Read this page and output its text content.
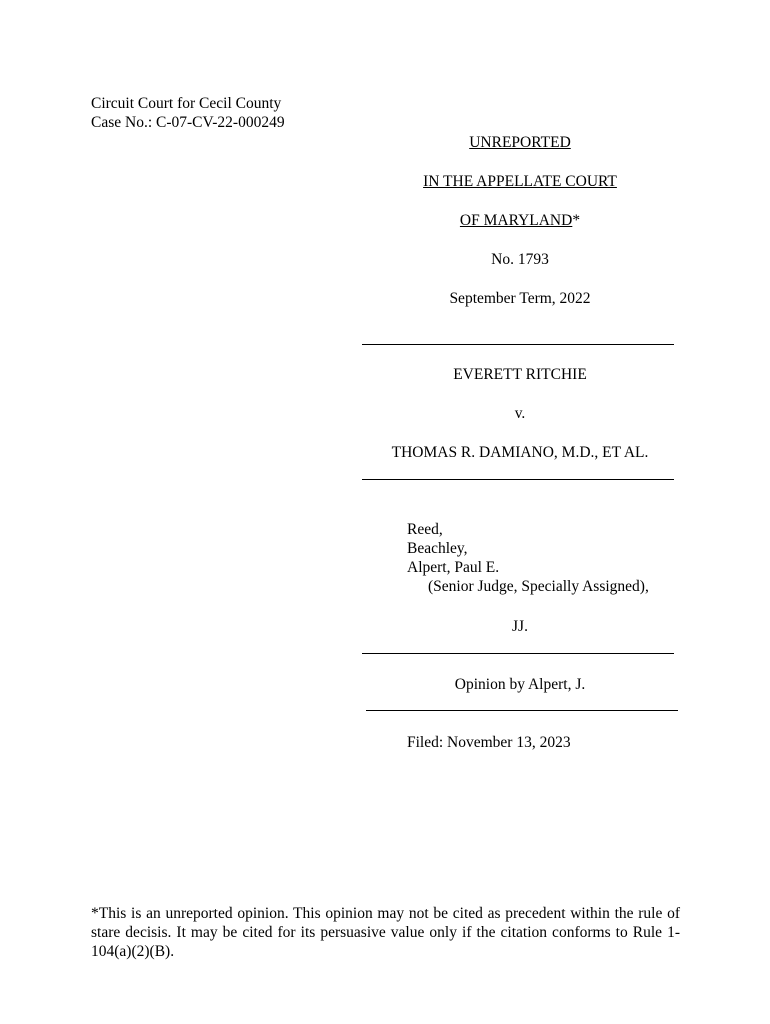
Circuit Court for Cecil County
Case No.: C-07-CV-22-000249
UNREPORTED
IN THE APPELLATE COURT
OF MARYLAND*
No. 1793
September Term, 2022
EVERETT RITCHIE
v.
THOMAS R. DAMIANO, M.D., ET AL.
Reed,
Beachley,
Alpert, Paul E.
(Senior Judge, Specially Assigned),
JJ.
Opinion by Alpert, J.
Filed: November 13, 2023
*This is an unreported opinion. This opinion may not be cited as precedent within the rule of stare decisis. It may be cited for its persuasive value only if the citation conforms to Rule 1-104(a)(2)(B).
